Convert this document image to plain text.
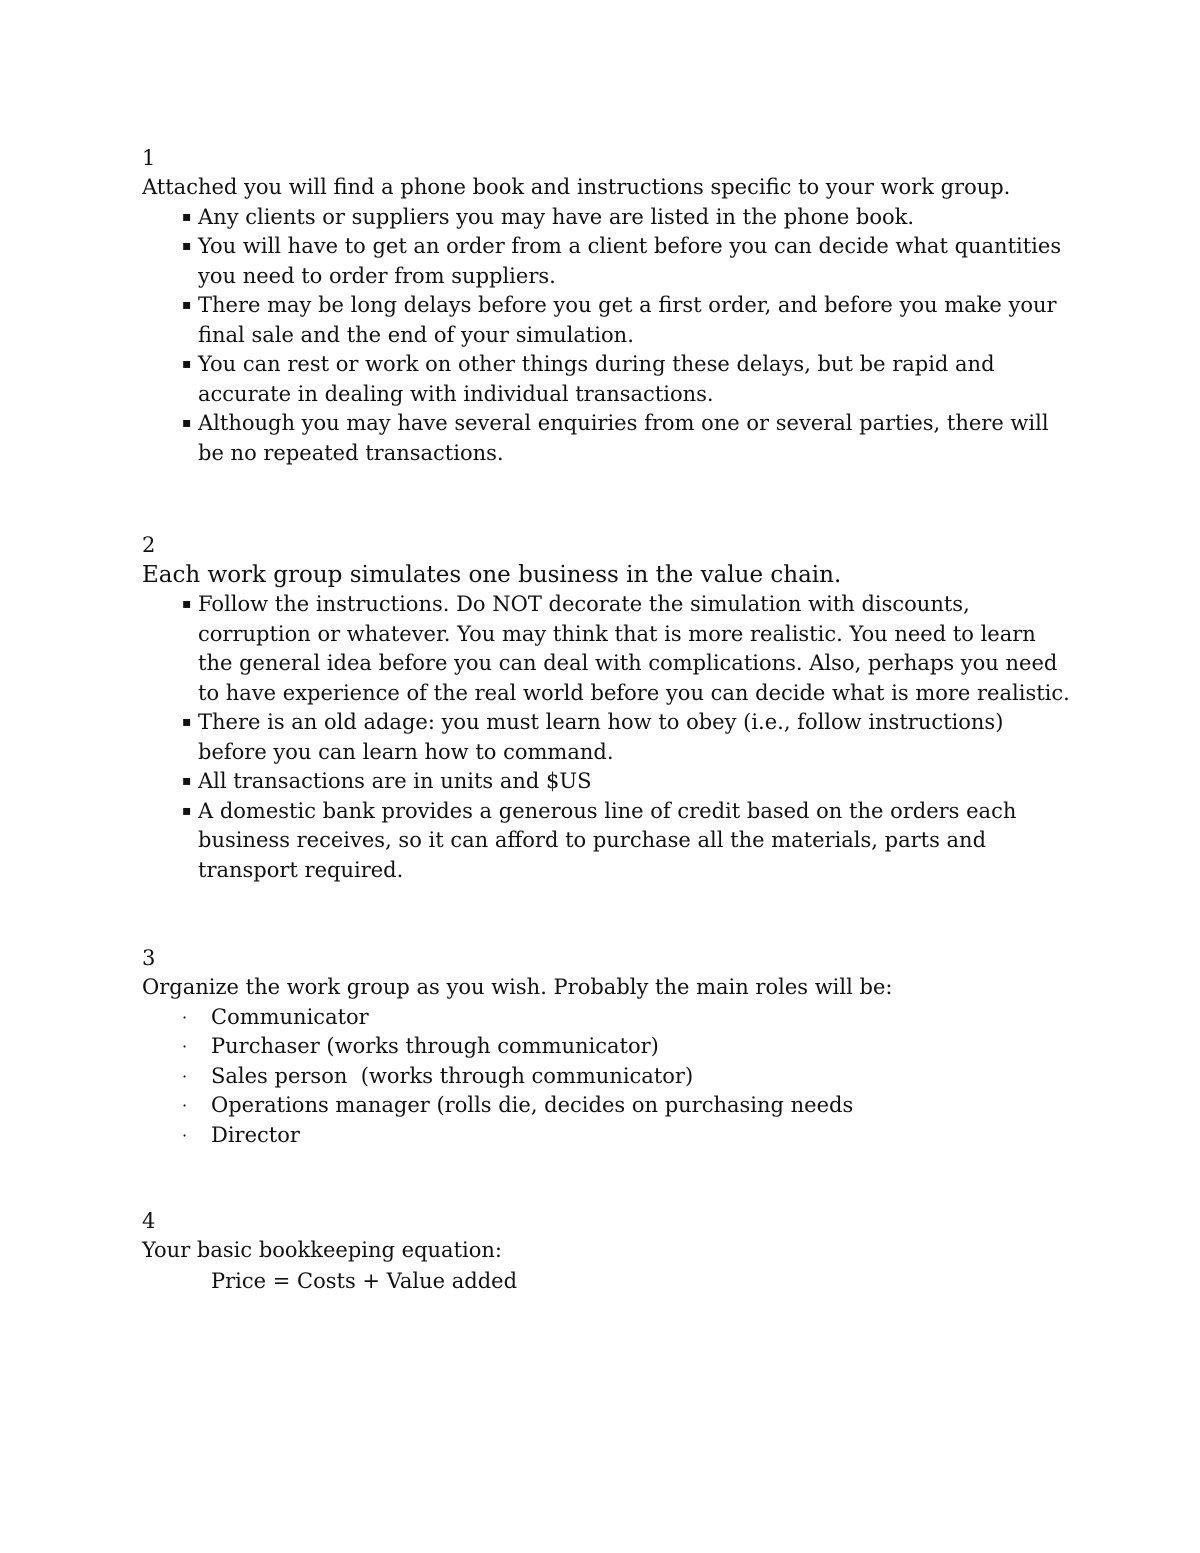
1
Attached you will find a phone book and instructions specific to your work group.
▪ Any clients or suppliers you may have are listed in the phone book.
▪ You will have to get an order from a client before you can decide what quantities you need to order from suppliers.
▪ There may be long delays before you get a first order, and before you make your final sale and the end of your simulation.
▪ You can rest or work on other things during these delays, but be rapid and accurate in dealing with individual transactions.
▪ Although you may have several enquiries from one or several parties, there will be no repeated transactions.
2
Each work group simulates one business in the value chain.
▪ Follow the instructions. Do NOT decorate the simulation with discounts, corruption or whatever. You may think that is more realistic. You need to learn the general idea before you can deal with complications. Also, perhaps you need to have experience of the real world before you can decide what is more realistic.
▪ There is an old adage: you must learn how to obey (i.e., follow instructions) before you can learn how to command.
▪ All transactions are in units and $US
▪ A domestic bank provides a generous line of credit based on the orders each business receives, so it can afford to purchase all the materials, parts and transport required.
3
Organize the work group as you wish. Probably the main roles will be:
· Communicator
· Purchaser (works through communicator)
· Sales person  (works through communicator)
· Operations manager (rolls die, decides on purchasing needs
· Director
4
Your basic bookkeeping equation:
Price = Costs + Value added
